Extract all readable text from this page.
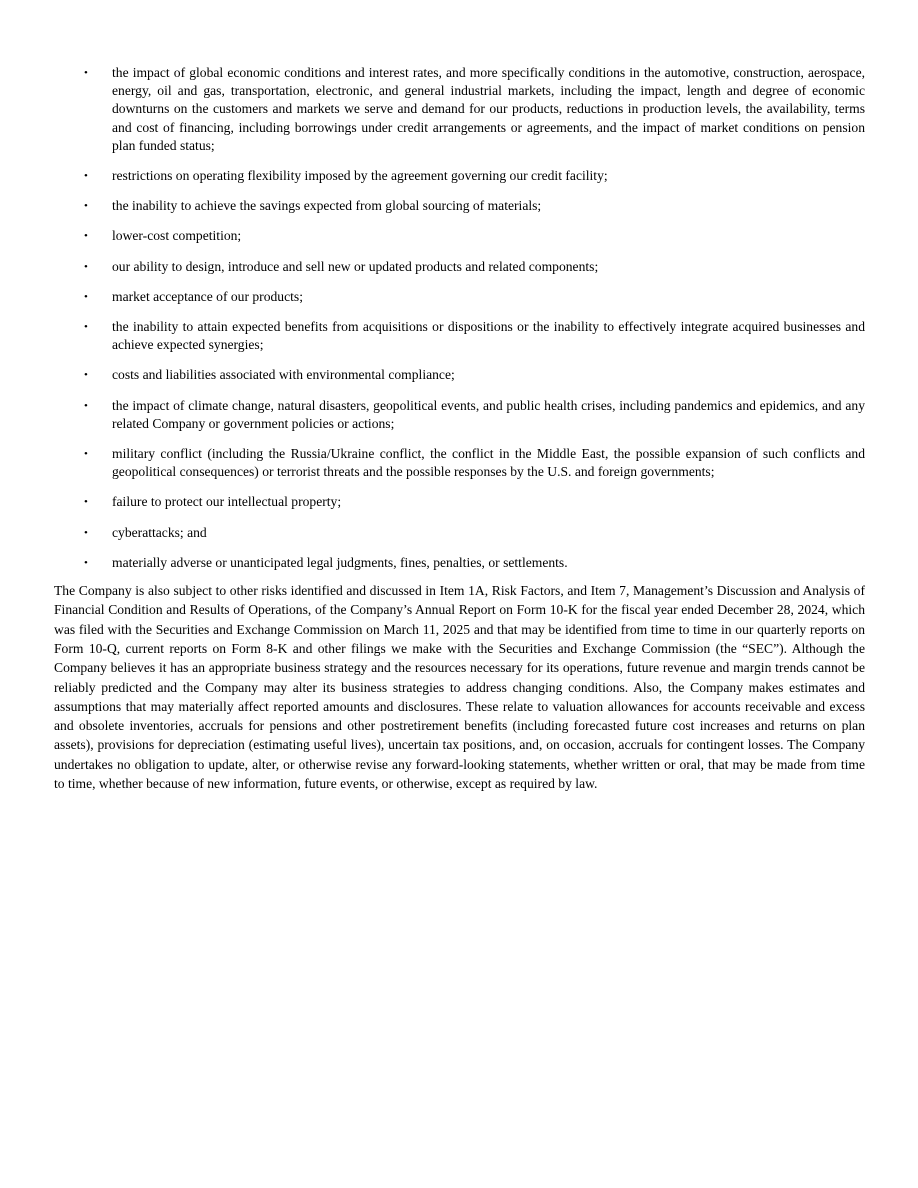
• the impact of global economic conditions and interest rates, and more specifically conditions in the automotive, construction, aerospace, energy, oil and gas, transportation, electronic, and general industrial markets, including the impact, length and degree of economic downturns on the customers and markets we serve and demand for our products, reductions in production levels, the availability, terms and cost of financing, including borrowings under credit arrangements or agreements, and the impact of market conditions on pension plan funded status;
• restrictions on operating flexibility imposed by the agreement governing our credit facility;
• the inability to achieve the savings expected from global sourcing of materials;
• lower-cost competition;
• our ability to design, introduce and sell new or updated products and related components;
• market acceptance of our products;
• the inability to attain expected benefits from acquisitions or dispositions or the inability to effectively integrate acquired businesses and achieve expected synergies;
• costs and liabilities associated with environmental compliance;
• the impact of climate change, natural disasters, geopolitical events, and public health crises, including pandemics and epidemics, and any related Company or government policies or actions;
• military conflict (including the Russia/Ukraine conflict, the conflict in the Middle East, the possible expansion of such conflicts and geopolitical consequences) or terrorist threats and the possible responses by the U.S. and foreign governments;
• failure to protect our intellectual property;
• cyberattacks; and
• materially adverse or unanticipated legal judgments, fines, penalties, or settlements.

The Company is also subject to other risks identified and discussed in Item 1A, Risk Factors, and Item 7, Management’s Discussion and Analysis of Financial Condition and Results of Operations, of the Company’s Annual Report on Form 10-K for the fiscal year ended December 28, 2024, which was filed with the Securities and Exchange Commission on March 11, 2025 and that may be identified from time to time in our quarterly reports on Form 10-Q, current reports on Form 8-K and other filings we make with the Securities and Exchange Commission (the “SEC”). Although the Company believes it has an appropriate business strategy and the resources necessary for its operations, future revenue and margin trends cannot be reliably predicted and the Company may alter its business strategies to address changing conditions. Also, the Company makes estimates and assumptions that may materially affect reported amounts and disclosures. These relate to valuation allowances for accounts receivable and excess and obsolete inventories, accruals for pensions and other postretirement benefits (including forecasted future cost increases and returns on plan assets), provisions for depreciation (estimating useful lives), uncertain tax positions, and, on occasion, accruals for contingent losses. The Company undertakes no obligation to update, alter, or otherwise revise any forward-looking statements, whether written or oral, that may be made from time to time, whether because of new information, future events, or otherwise, except as required by law.
